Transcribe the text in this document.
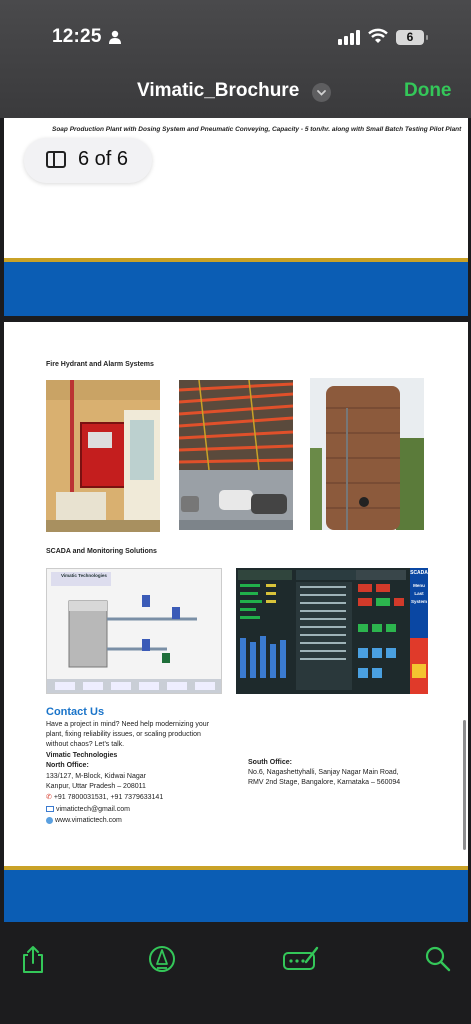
12:25	6
Vimatic_Brochure	Done
Soap Production Plant with Dosing System and Pneumatic Conveying, Capacity - 5 ton/hr. along with Small Batch Testing Pilot Plant
6 of 6
Fire Hydrant and Alarm Systems
SCADA and Monitoring Solutions
Vimatic Technologies	SCADA
Menu
Last
System
Contact Us
Have a project in mind? Need help modernizing your
plant, fixing reliability issues, or scaling production
without chaos? Let’s talk.
Vimatic Technologies
North Office:
133/127, M-Block, Kidwai Nagar
Kanpur, Uttar Pradesh – 208011
✆ +91 7800031531, +91 7379633141
vimatictech@gmail.com
www.vimatictech.com
South Office:
No.6, Nagashettyhalli, Sanjay Nagar Main Road,
RMV 2nd Stage, Bangalore, Karnataka – 560094
